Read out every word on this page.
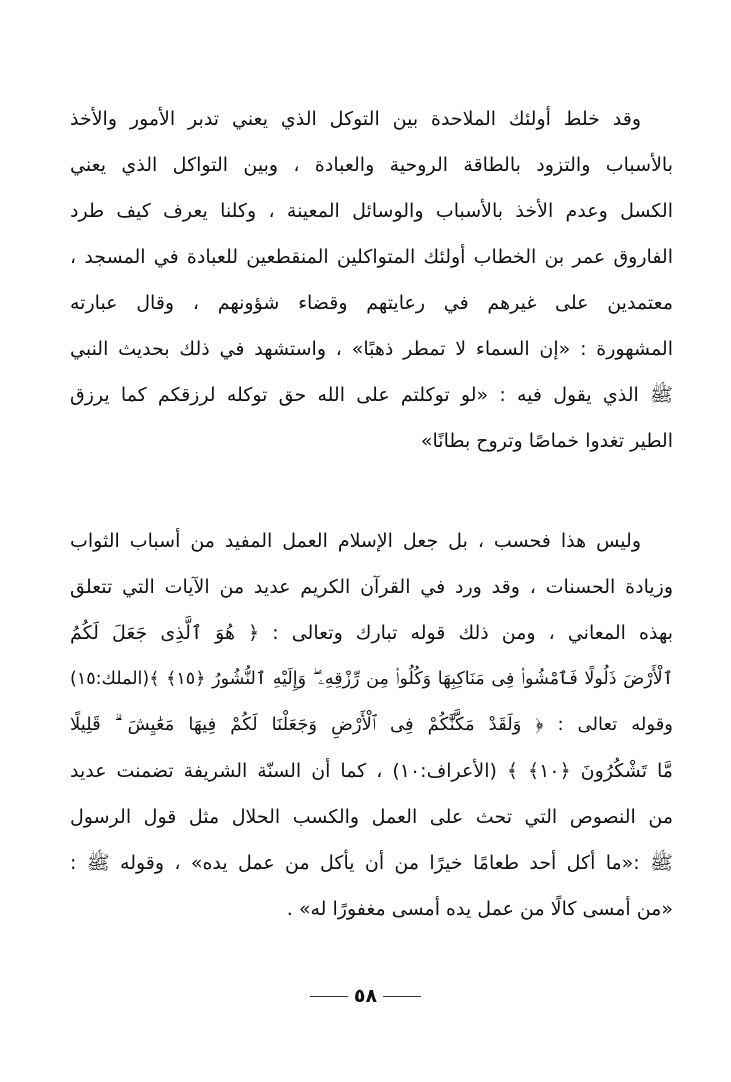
وقد خلط أولئك الملاحدة بين التوكل الذي يعني تدبر الأمور والأخذ
بالأسباب والتزود بالطاقة الروحية والعبادة ، وبين التواكل الذي يعني
الكسل وعدم الأخذ بالأسباب والوسائل المعينة ، وكلنا يعرف كيف طرد
الفاروق عمر بن الخطاب أولئك المتواكلين المنقطعين للعبادة في المسجد ،
معتمدين على غيرهم في رعايتهم وقضاء شؤونهم ، وقال عبارته
المشهورة : «إن السماء لا تمطر ذهبًا» ، واستشهد في ذلك بحديث النبي
ﷺ الذي يقول فيه : «لو توكلتم على الله حق توكله لرزقكم كما يرزق
الطير تغدوا خماصًا وتروح بطانًا»
وليس هذا فحسب ، بل جعل الإسلام العمل المفيد من أسباب الثواب
وزيادة الحسنات ، وقد ورد في القرآن الكريم عديد من الآيات التي تتعلق
بهذه المعاني ، ومن ذلك قوله تبارك وتعالى : ﴿ هُوَ ٱلَّذِى جَعَلَ لَكُمُ
ٱلْأَرْضَ ذَلُولًا فَٱمْشُوا۟ فِى مَنَاكِبِهَا وَكُلُوا۟ مِن رِّزْقِهِۦ ۖ وَإِلَيْهِ ٱلنُّشُورُ ﴿١٥﴾ ﴾(الملك:١٥)
وقوله تعالى : ﴿ وَلَقَدْ مَكَّنَّٰكُمْ فِى ٱلْأَرْضِ وَجَعَلْنَا لَكُمْ فِيهَا مَعَٰيِشَ ۗ قَلِيلًا
مَّا تَشْكُرُونَ ﴿١٠﴾ ﴾ (الأعراف:١٠) ، كما أن السنّة الشريفة تضمنت عديد
من النصوص التي تحث على العمل والكسب الحلال مثل قول الرسول
ﷺ :«ما أكل أحد طعامًا خيرًا من أن يأكل من عمل يده» ، وقوله ﷺ :
«من أمسى كالًا من عمل يده أمسى مغفورًا له» .
٥٨
